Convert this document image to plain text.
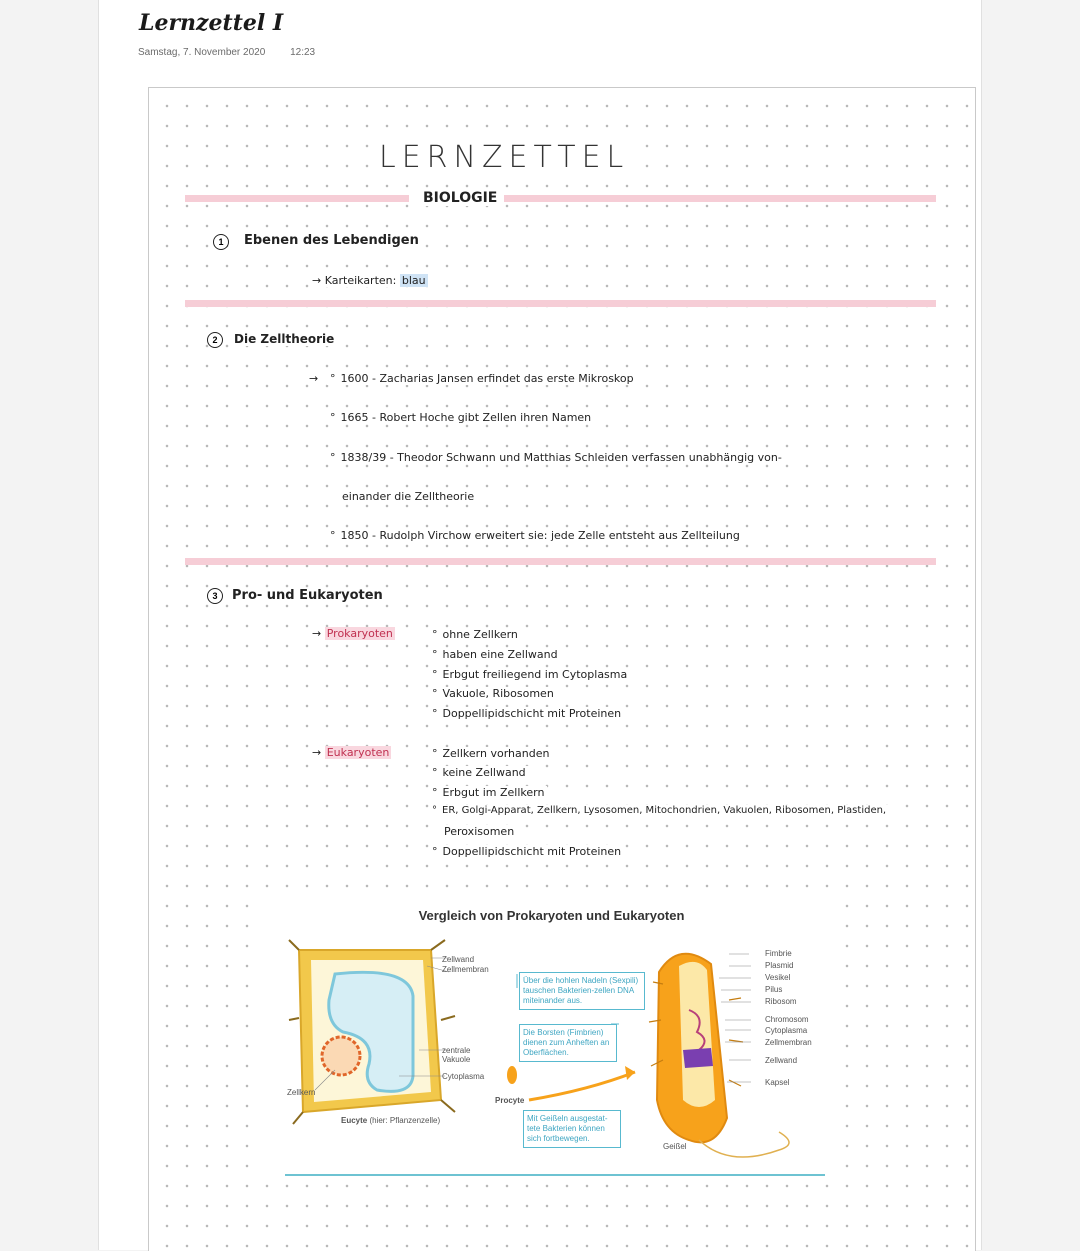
Lernzettel I
Samstag, 7. November 2020 12:23
LERNZETTEL
BIOLOGIE
1	Ebenen des Lebendigen
→ Karteikarten: blau
2	Die Zelltheorie
→	° 1600 - Zacharias Jansen erfindet das erste Mikroskop
° 1665 - Robert Hoche gibt Zellen ihren Namen
° 1838/39 - Theodor Schwann und Matthias Schleiden verfassen unabhängig von-
einander die Zelltheorie
° 1850 - Rudolph Virchow erweitert sie: jede Zelle entsteht aus Zellteilung
3	Pro- und Eukaryoten
→ Prokaryoten	° ohne Zellkern
° haben eine Zellwand
° Erbgut freiliegend im Cytoplasma
° Vakuole, Ribosomen
° Doppellipidschicht mit Proteinen
→ Eukaryoten	° Zellkern vorhanden
° keine Zellwand
° Erbgut im Zellkern
° ER, Golgi-Apparat, Zellkern, Lysosomen, Mitochondrien, Vakuolen, Ribosomen, Plastiden,
Peroxisomen
° Doppellipidschicht mit Proteinen
Vergleich von Prokaryoten und Eukaryoten
Zellwand
Zellmembran
zentrale Vakuole
Cytoplasma
Zellkern
Eucyte (hier: Pflanzenzelle)
Procyte
Über die hohlen Nadeln (Sexpili) tauschen Bakterien-zellen DNA miteinander aus.
Die Borsten (Fimbrien) dienen zum Anheften an Oberflächen.
Mit Geißeln ausgestat-tete Bakterien können sich fortbewegen.
Fimbrie
Plasmid
Vesikel
Pilus
Ribosom
Chromosom
Cytoplasma
Zellmembran
Zellwand
Kapsel
Geißel
